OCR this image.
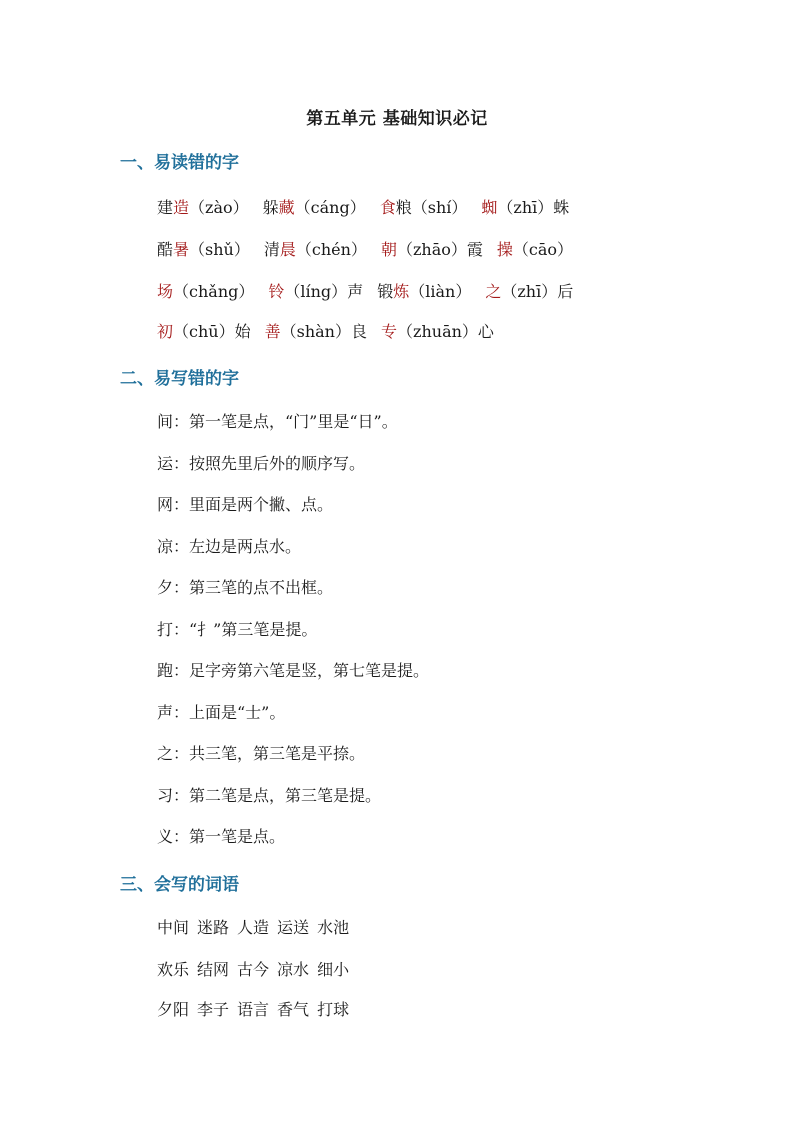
第五单元 基础知识必记
一、易读错的字
建造（zào） 躲藏（cáng） 食粮（shí） 蜘（zhī）蛛
酷暑（shǔ） 清晨（chén） 朝（zhāo）霞 操（cāo）
场（chǎng） 铃（líng）声 锻炼（liàn） 之（zhī）后
初（chū）始 善（shàn）良 专（zhuān）心
二、易写错的字
间：第一笔是点，“门”里是“日”。
运：按照先里后外的顺序写。
网：里面是两个撇、点。
凉：左边是两点水。
夕：第三笔的点不出框。
打：“扌”第三笔是提。
跑：足字旁第六笔是竖，第七笔是提。
声：上面是“士”。
之：共三笔，第三笔是平捺。
习：第二笔是点，第三笔是提。
义：第一笔是点。
三、会写的词语
中间 迷路 人造 运送 水池
欢乐 结网 古今 凉水 细小
夕阳 李子 语言 香气 打球
